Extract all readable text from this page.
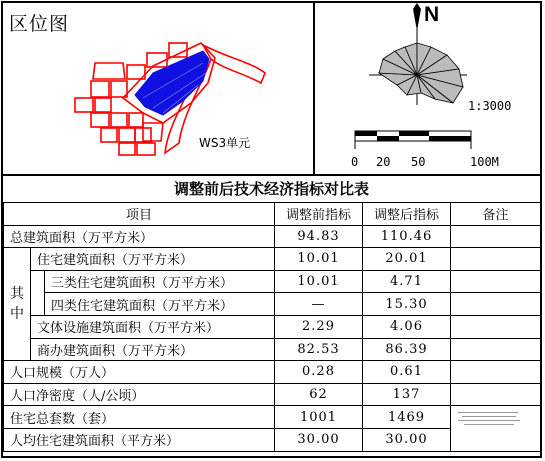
区位图
WS3单元
N
1:3000
0 20 50	100M
调整前后技术经济指标对比表
项目			调整前指标	调整后指标	备注
总建筑面积（万平方米）			94.83	110.46	
其中	住宅建筑面积（万平方米）		10.01	20.01	
		三类住宅建筑面积（万平方米）	10.01	4.71	
		四类住宅建筑面积（万平方米）	—	15.30	
	文体设施建筑面积（万平方米）		2.29	4.06	
	商办建筑面积（万平方米）		82.53	86.39	
人口规模（万人）			0.28	0.61	
人口净密度（人/公顷）			62	137	
住宅总套数（套）			1001	1469	
人均住宅建筑面积（平方米）			30.00	30.00	
